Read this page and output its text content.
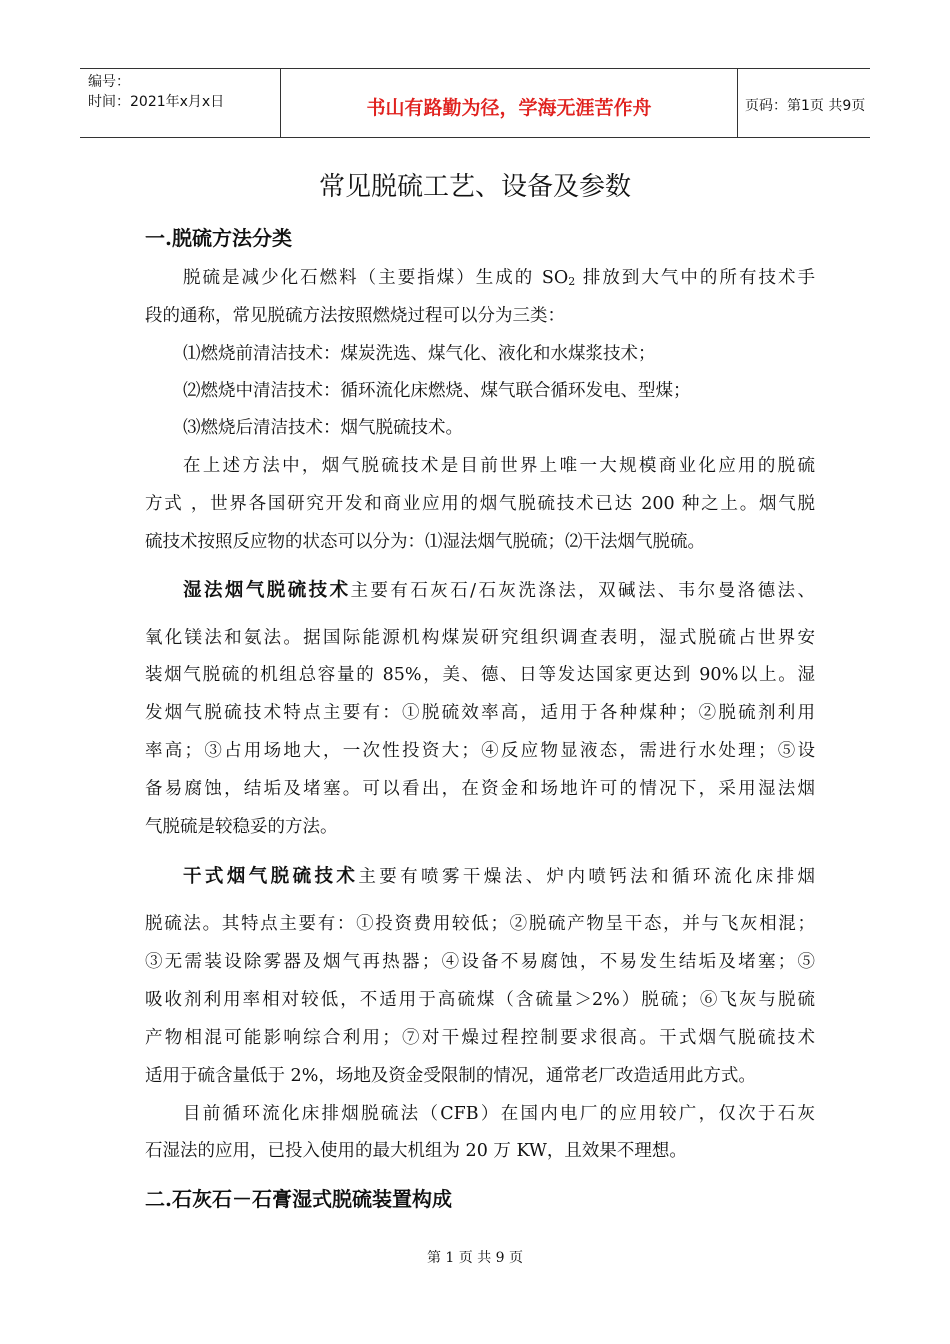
编号：
时间：2021年x月x日	书山有路勤为径，学海无涯苦作舟	页码：第1页 共9页
常见脱硫工艺、设备及参数
一.脱硫方法分类
脱硫是减少化石燃料（主要指煤）生成的 $SO_2$ 排放到大气中的所有技术手
段的通称，常见脱硫方法按照燃烧过程可以分为三类：
⑴燃烧前清洁技术：煤炭洗选、煤气化、液化和水煤浆技术；
⑵燃烧中清洁技术：循环流化床燃烧、煤气联合循环发电、型煤；
⑶燃烧后清洁技术：烟气脱硫技术。
在上述方法中，烟气脱硫技术是目前世界上唯一大规模商业化应用的脱硫
方式 ，世界各国研究开发和商业应用的烟气脱硫技术已达 200 种之上。烟气脱
硫技术按照反应物的状态可以分为：⑴湿法烟气脱硫；⑵干法烟气脱硫。
湿法烟气脱硫技术主要有石灰石/石灰洗涤法，双碱法、韦尔曼洛德法、
氧化镁法和氨法。据国际能源机构煤炭研究组织调查表明，湿式脱硫占世界安
装烟气脱硫的机组总容量的 85%，美、德、日等发达国家更达到 90%以上。湿
发烟气脱硫技术特点主要有：①脱硫效率高，适用于各种煤种；②脱硫剂利用
率高；③占用场地大，一次性投资大；④反应物显液态，需进行水处理；⑤设
备易腐蚀，结垢及堵塞。可以看出，在资金和场地许可的情况下，采用湿法烟
气脱硫是较稳妥的方法。
干式烟气脱硫技术主要有喷雾干燥法、炉内喷钙法和循环流化床排烟
脱硫法。其特点主要有：①投资费用较低；②脱硫产物呈干态，并与飞灰相混；
③无需装设除雾器及烟气再热器；④设备不易腐蚀，不易发生结垢及堵塞；⑤
吸收剂利用率相对较低，不适用于高硫煤（含硫量＞2%）脱硫；⑥飞灰与脱硫
产物相混可能影响综合利用；⑦对干燥过程控制要求很高。干式烟气脱硫技术
适用于硫含量低于 2%，场地及资金受限制的情况，通常老厂改造适用此方式。
目前循环流化床排烟脱硫法（CFB）在国内电厂的应用较广，仅次于石灰
石湿法的应用，已投入使用的最大机组为 20 万 KW，且效果不理想。
二.石灰石－石膏湿式脱硫装置构成
第 1 页 共 9 页
